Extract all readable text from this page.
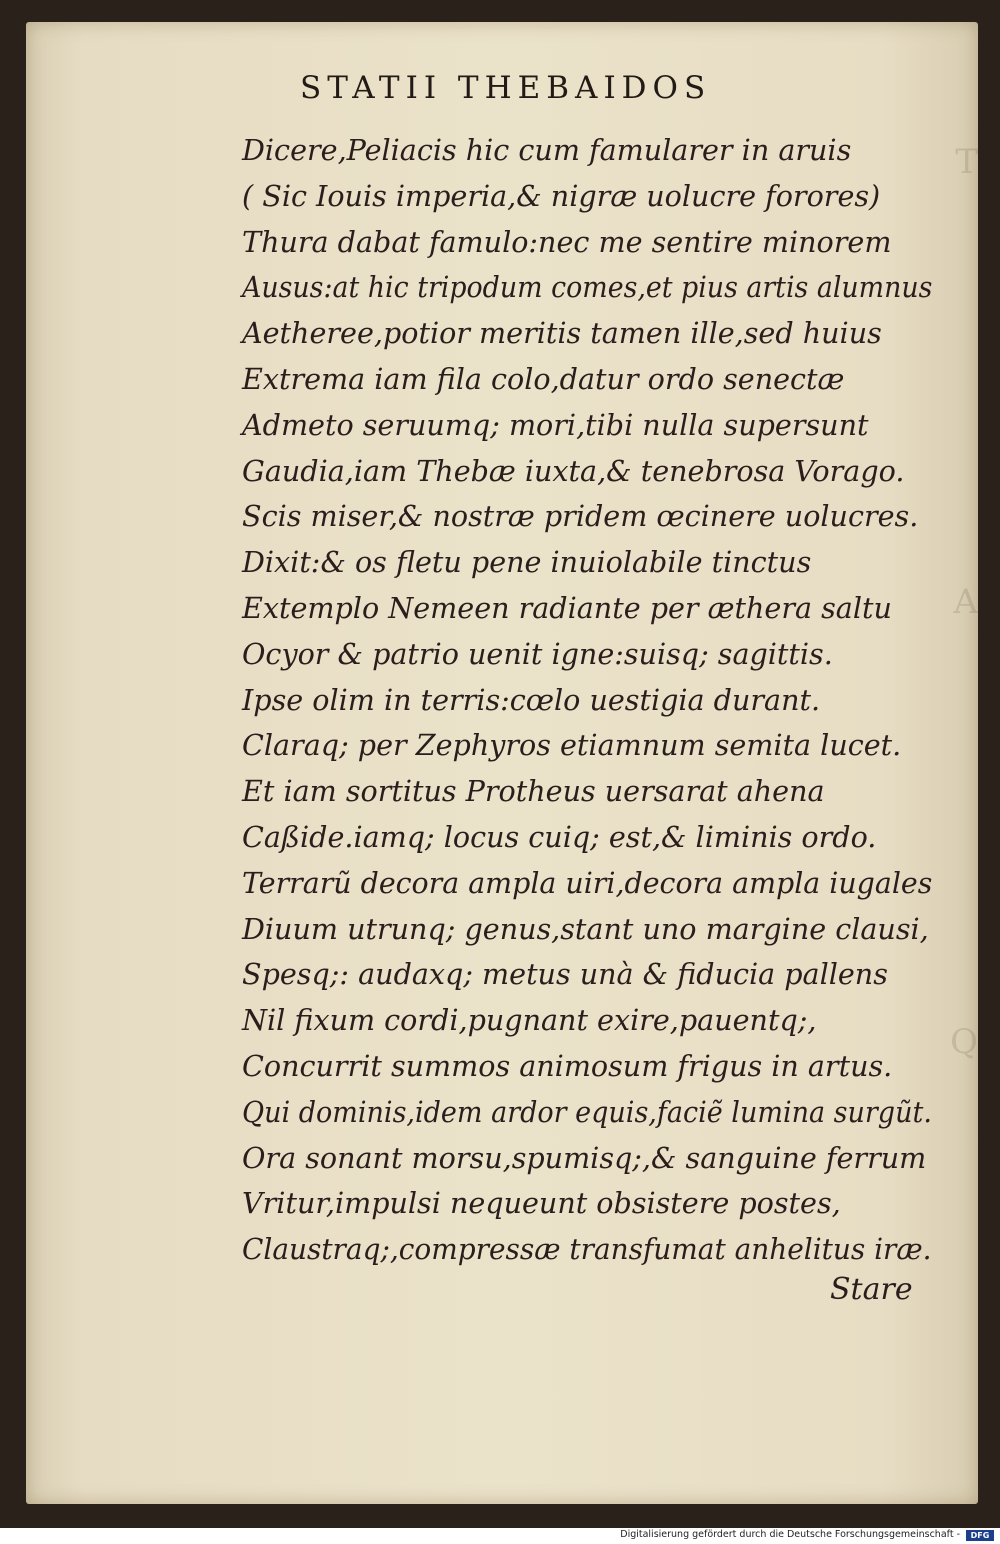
T
A
Q
STATII THEBAIDOS
Dicere,Peliacis hic cum famularer in aruis
( Sic Iouis imperia,& nigræ uolucre forores)
Thura dabat famulo:nec me sentire minorem
Ausus:at hic tripodum comes,et pius artis alumnus
Aetheree,potior meritis tamen ille,sed huius
Extrema iam fila colo,datur ordo senectæ
Admeto seruumq; mori,tibi nulla supersunt
Gaudia,iam Thebæ iuxta,& tenebrosa Vorago.
Scis miser,& nostræ pridem œcinere uolucres.
Dixit:& os fletu pene inuiolabile tinctus
Extemplo Nemeen radiante per æthera saltu
Ocyor & patrio uenit igne:suisq; sagittis.
Ipse olim in terris:cœlo uestigia durant.
Claraq; per Zephyros etiamnum semita lucet.
Et iam sortitus Protheus uersarat ahena
Caßide.iamq; locus cuiq; est,& liminis ordo.
Terrarũ decora ampla uiri,decora ampla iugales
Diuum utrunq; genus,stant uno margine clausi,
Spesq;: audaxq; metus unà & fiducia pallens
Nil fixum cordi,pugnant exire,pauentq;,
Concurrit summos animosum frigus in artus.
Qui dominis,idem ardor equis,faciẽ lumina surgũt.
Ora sonant morsu,spumisq;,& sanguine ferrum
Vritur,impulsi nequeunt obsistere postes,
Claustraq;,compressæ transfumat anhelitus iræ.
Stare
Digitalisierung gefördert durch die Deutsche Forschungsgemeinschaft -	DFG
